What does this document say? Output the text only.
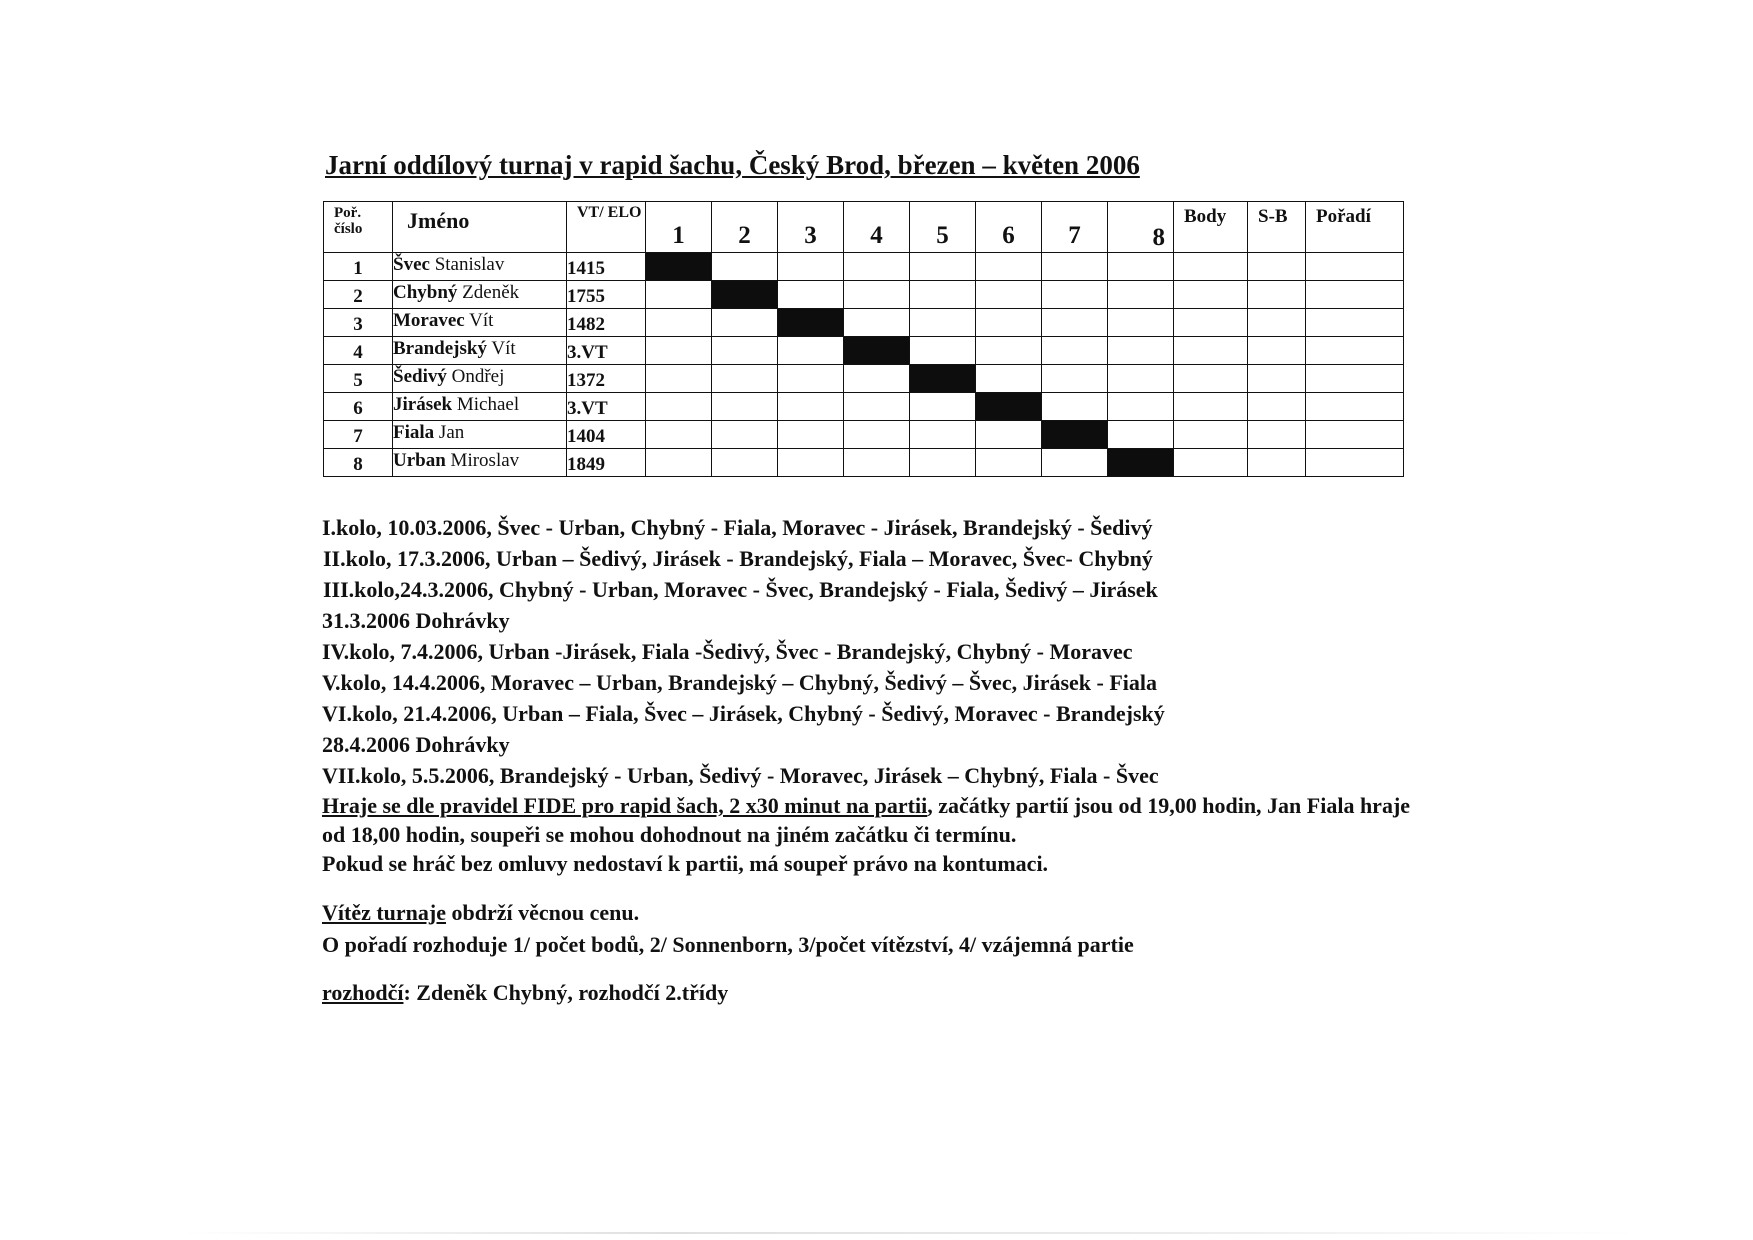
Jarní oddílový turnaj v rapid šachu, Český Brod, březen – květen 2006
Poř. číslo	Jméno	VT/ ELO	1	2	3	4	5	6	7	8	Body	S-B	Pořadí

1	Švec Stanislav	1415											
2	Chybný Zdeněk	1755											
3	Moravec Vít	1482											
4	Brandejský Vít	3.VT											
5	Šedivý Ondřej	1372											
6	Jirásek Michael	3.VT											
7	Fiala Jan	1404											
8	Urban Miroslav	1849											
I.kolo, 10.03.2006, Švec - Urban, Chybný - Fiala, Moravec - Jirásek, Brandejský - Šedivý
II.kolo, 17.3.2006, Urban – Šedivý, Jirásek - Brandejský, Fiala – Moravec, Švec- Chybný
III.kolo,24.3.2006, Chybný - Urban, Moravec - Švec, Brandejský - Fiala, Šedivý – Jirásek
31.3.2006 Dohrávky
IV.kolo, 7.4.2006, Urban -Jirásek, Fiala -Šedivý, Švec - Brandejský, Chybný - Moravec
V.kolo, 14.4.2006, Moravec – Urban, Brandejský – Chybný, Šedivý – Švec, Jirásek - Fiala
VI.kolo, 21.4.2006, Urban – Fiala, Švec – Jirásek, Chybný - Šedivý, Moravec - Brandejský
28.4.2006 Dohrávky
VII.kolo, 5.5.2006, Brandejský - Urban, Šedivý - Moravec, Jirásek – Chybný, Fiala - Švec
Hraje se dle pravidel FIDE pro rapid šach, 2 x30 minut na partii, začátky partií jsou od 19,00 hodin, Jan Fiala hraje
od 18,00 hodin, soupeři se mohou dohodnout na jiném začátku či termínu.
Pokud se hráč bez omluvy nedostaví k partii, má soupeř právo na kontumaci.
Vítěz turnaje obdrží věcnou cenu.
O pořadí rozhoduje 1/ počet bodů, 2/ Sonnenborn, 3/počet vítězství, 4/ vzájemná partie
rozhodčí: Zdeněk Chybný, rozhodčí 2.třídy
